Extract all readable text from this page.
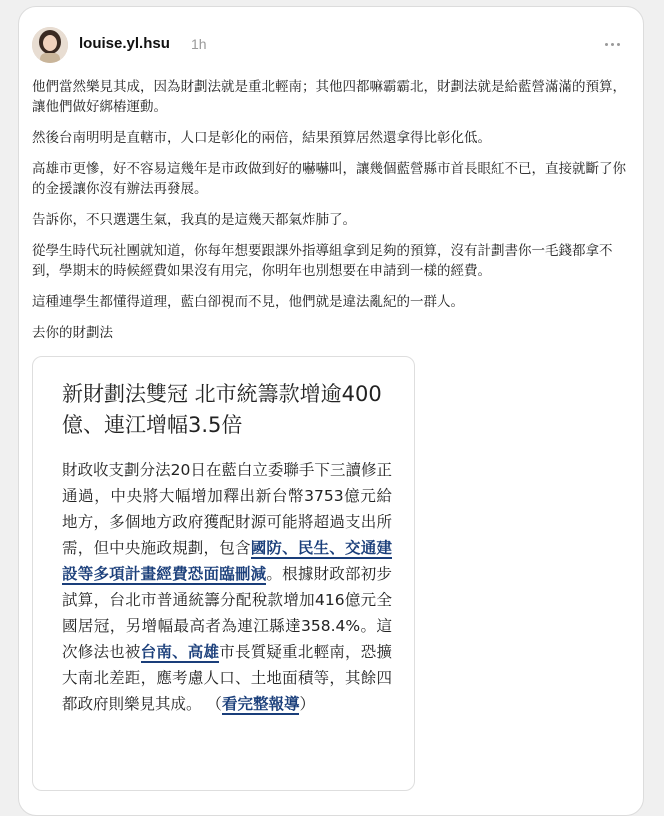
louise.yl.hsu 1h

他們當然樂見其成，因為財劃法就是重北輕南；其他四都嘛霸霸北，財劃法就是給藍營滿滿的預算，讓他們做好綁樁運動。

然後台南明明是直轄市，人口是彰化的兩倍，結果預算居然還拿得比彰化低。

高雄市更慘，好不容易這幾年是市政做到好的嚇嚇叫，讓幾個藍營縣市首長眼紅不已，直接就斷了你的金援讓你沒有辦法再發展。

告訴你，不只選選生氣，我真的是這幾天都氣炸肺了。

從學生時代玩社團就知道，你每年想要跟課外指導組拿到足夠的預算，沒有計劃書你一毛錢都拿不到，學期末的時候經費如果沒有用完，你明年也別想要在申請到一樣的經費。

這種連學生都懂得道理，藍白卻視而不見，他們就是違法亂紀的一群人。

去你的財劃法

新財劃法雙冠 北市統籌款增逾400億、連江增幅3.5倍
財政收支劃分法20日在藍白立委聯手下三讀修正通過，中央將大幅增加釋出新台幣3753億元給地方，多個地方政府獲配財源可能將超過支出所需，但中央施政規劃，包含國防、民生、交通建設等多項計畫經費恐面臨刪減。根據財政部初步試算，台北市普通統籌分配稅款增加416億元全國居冠，另增幅最高者為連江縣達358.4%。這次修法也被台南、高雄市長質疑重北輕南，恐擴大南北差距，應考慮人口、土地面積等，其餘四都政府則樂見其成。 （看完整報導）
